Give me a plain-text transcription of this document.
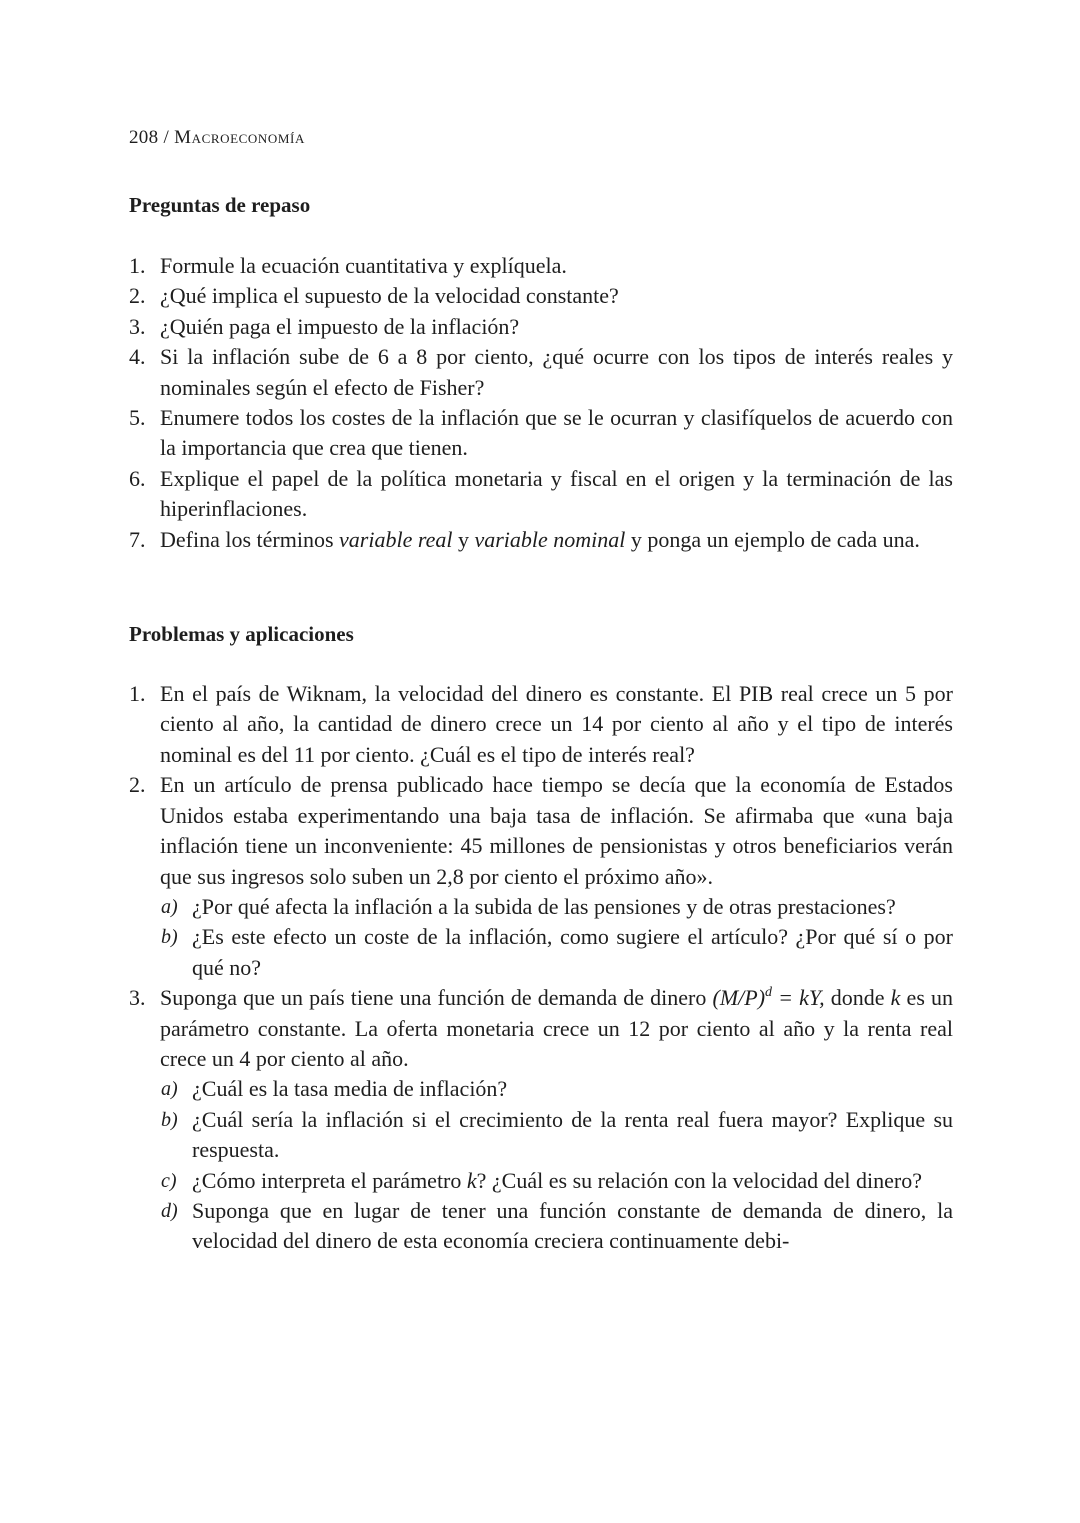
208 / Macroeconomía

Preguntas de repaso
1. Formule la ecuación cuantitativa y explíquela.
2. ¿Qué implica el supuesto de la velocidad constante?
3. ¿Quién paga el impuesto de la inflación?
4. Si la inflación sube de 6 a 8 por ciento, ¿qué ocurre con los tipos de interés reales y nominales según el efecto de Fisher?
5. Enumere todos los costes de la inflación que se le ocurran y clasifíquelos de acuerdo con la importancia que crea que tienen.
6. Explique el papel de la política monetaria y fiscal en el origen y la terminación de las hiperinflaciones.
7. Defina los términos variable real y variable nominal y ponga un ejemplo de cada una.
Problemas y aplicaciones
1. En el país de Wiknam, la velocidad del dinero es constante. El PIB real crece un 5 por ciento al año, la cantidad de dinero crece un 14 por ciento al año y el tipo de interés nominal es del 11 por ciento. ¿Cuál es el tipo de interés real?
2. En un artículo de prensa publicado hace tiempo se decía que la economía de Estados Unidos estaba experimentando una baja tasa de inflación. Se afirmaba que «una baja inflación tiene un inconveniente: 45 millones de pensionistas y otros beneficiarios verán que sus ingresos solo suben un 2,8 por ciento el próximo año».
a) ¿Por qué afecta la inflación a la subida de las pensiones y de otras prestaciones?
b) ¿Es este efecto un coste de la inflación, como sugiere el artículo? ¿Por qué sí o por qué no?
3. Suponga que un país tiene una función de demanda de dinero $(M/P)^d$ = kY, donde k es un parámetro constante. La oferta monetaria crece un 12 por ciento al año y la renta real crece un 4 por ciento al año.
a) ¿Cuál es la tasa media de inflación?
b) ¿Cuál sería la inflación si el crecimiento de la renta real fuera mayor? Explique su respuesta.
c) ¿Cómo interpreta el parámetro k? ¿Cuál es su relación con la velocidad del dinero?
d) Suponga que en lugar de tener una función constante de demanda de dinero, la velocidad del dinero de esta economía creciera continuamente debi-
